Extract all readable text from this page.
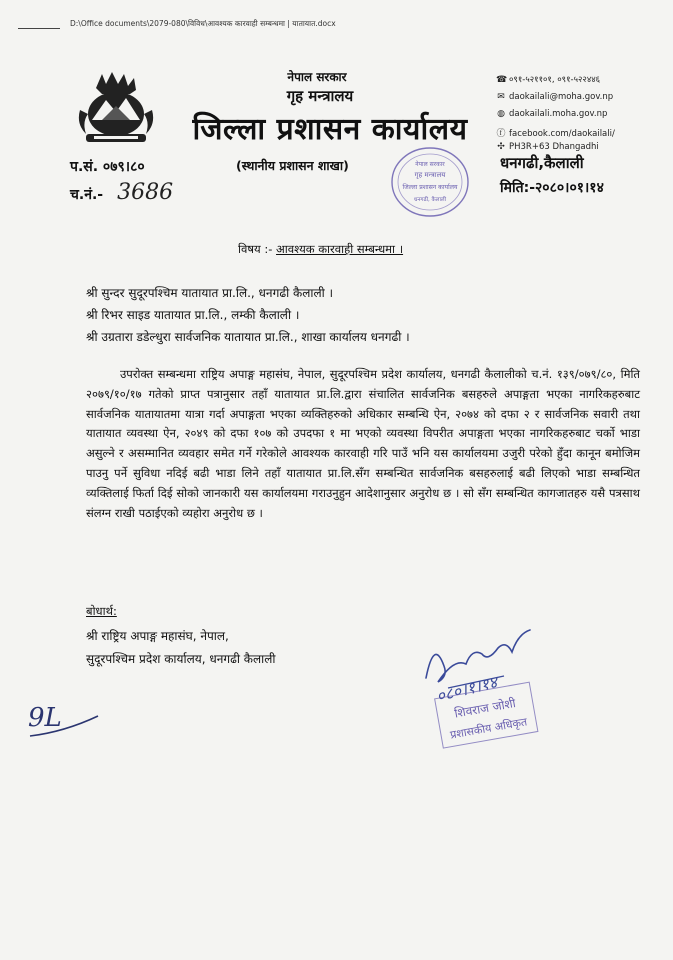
D:\Office documents\2079-080\विविध\आवश्यक कारवाही सम्बन्धमा | यातायात.docx
नेपाल सरकार
गृह मन्त्रालय
जिल्ला प्रशासन कार्यालय
(स्थानीय प्रशासन शाखा)
प.सं. ०७९।८०
च.नं.- 3686
☎ ०९१-५२११०१, ०९१-५२२४४६
✉ daokailali@moha.gov.np
◍ daokailali.moha.gov.np
ⓕ facebook.com/daokailali/
✣ PH3R+63 Dhangadhi
धनगढी,कैलाली
मिति:-२०८०।०१।१४
नेपाल सरकार
गृह मन्त्रालय
जिल्ला प्रशासन कार्यालय
धनगढी, कैलाली
विषय :- आवश्यक कारवाही सम्बन्धमा ।
श्री सुन्दर सुदूरपश्चिम यातायात प्रा.लि., धनगढी कैलाली ।
श्री रिभर साइड यातायात प्रा.लि., लम्की कैलाली ।
श्री उग्रतारा डडेल्धुरा सार्वजनिक यातायात प्रा.लि., शाखा कार्यालय धनगढी ।
उपरोक्त सम्बन्धमा राष्ट्रिय अपाङ्ग महासंघ, नेपाल, सुदूरपश्चिम प्रदेश कार्यालय, धनगढी कैलालीको च.नं. १३९/०७९/८०, मिति २०७९/१०/१७ गतेको प्राप्त पत्रानुसार तहाँ यातायात प्रा.लि.द्वारा संचालित सार्वजनिक बसहरुले अपाङ्गता भएका नागरिकहरुबाट सार्वजनिक यातायातमा यात्रा गर्दा अपाङ्गता भएका व्यक्तिहरुको अधिकार सम्बन्धि ऐन, २०७४ को दफा २ र सार्वजनिक सवारी तथा यातायात व्यवस्था ऐन, २०४९ को दफा १०७ को उपदफा १ मा भएको व्यवस्था विपरीत अपाङ्गता भएका नागरिकहरुबाट चर्को भाडा असुल्ने र असम्मानित व्यवहार समेत गर्ने गरेकोले आवश्यक कारवाही गरि पाउँ भनि यस कार्यालयमा उजुरी परेको हुँदा कानून बमोजिम पाउनु पर्ने सुविधा नदिई बढी भाडा लिने तहाँ यातायात प्रा.लि.सँग सम्बन्धित सार्वजनिक बसहरुलाई बढी लिएको भाडा सम्बन्धित व्यक्तिलाई फिर्ता दिई सोको जानकारी यस कार्यालयमा गराउनुहुन आदेशानुसार अनुरोध छ । सो सँग सम्बन्धित कागजातहरु यसै पत्रसाथ संलग्न राखी पठाईएको व्यहोरा अनुरोध छ ।
बोधार्थ:
श्री राष्ट्रिय अपाङ्ग महासंघ, नेपाल,
सुदूरपश्चिम प्रदेश कार्यालय, धनगढी कैलाली
०८०।१।१४
शिवराज जोशी
प्रशासकीय अधिकृत
9L
